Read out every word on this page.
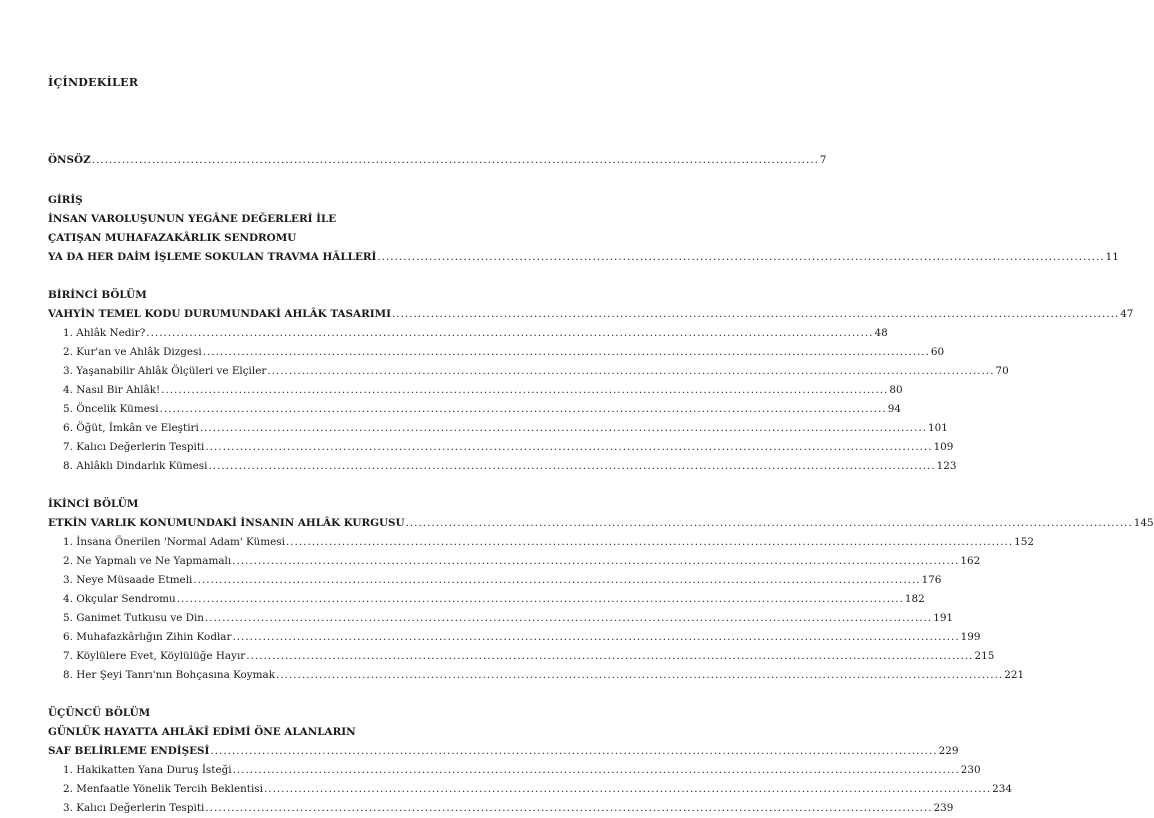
İÇİNDEKİLER
ÖNSÖZ .....	7
GİRİŞ
İNSAN VAROLUŞUNUN YEGÂNE DEĞERLERİ İLE
ÇATIŞAN MUHAFAZAKÂRLIK SENDROMU
YA DA HER DAİM İŞLEME SOKULAN TRAVMA HÂLLERİ .....	11
BİRİNCİ BÖLÜM
VAHYİN TEMEL KODU DURUMUNDAKİ AHLÂK TASARIMI .....	47
1. Ahlâk Nedir? .....	48
2. Kur'an ve Ahlâk Dizgesi .....	60
3. Yaşanabilir Ahlâk Ölçüleri ve Elçiler .....	70
4. Nasıl Bir Ahlâk! .....	80
5. Öncelik Kümesi .....	94
6. Öğüt, İmkân ve Eleştiri .....	101
7. Kalıcı Değerlerin Tespiti .....	109
8. Ahlâklı Dindarlık Kümesi .....	123
İKİNCİ BÖLÜM
ETKİN VARLIK KONUMUNDAKİ İNSANIN AHLÂK KURGUSU .....	145
1. İnsana Önerilen 'Normal Adam' Kümesi .....	152
2. Ne Yapmalı ve Ne Yapmamalı .....	162
3. Neye Müsaade Etmeli .....	176
4. Okçular Sendromu .....	182
5. Ganimet Tutkusu ve Din .....	191
6. Muhafazkârlığın Zihin Kodlar .....	199
7. Köylülere Evet, Köylülüğe Hayır .....	215
8. Her Şeyi Tanrı'nın Bohçasına Koymak .....	221
ÜÇÜNCÜ BÖLÜM
GÜNLÜK HAYATTA AHLÂKÎ EDİMİ ÖNE ALANLARIN
SAF BELİRLEME ENDİŞESİ .....	229
1. Hakikatten Yana Duruş İsteği .....	230
2. Menfaatle Yönelik Tercih Beklentisi .....	234
3. Kalıcı Değerlerin Tespiti .....	239
